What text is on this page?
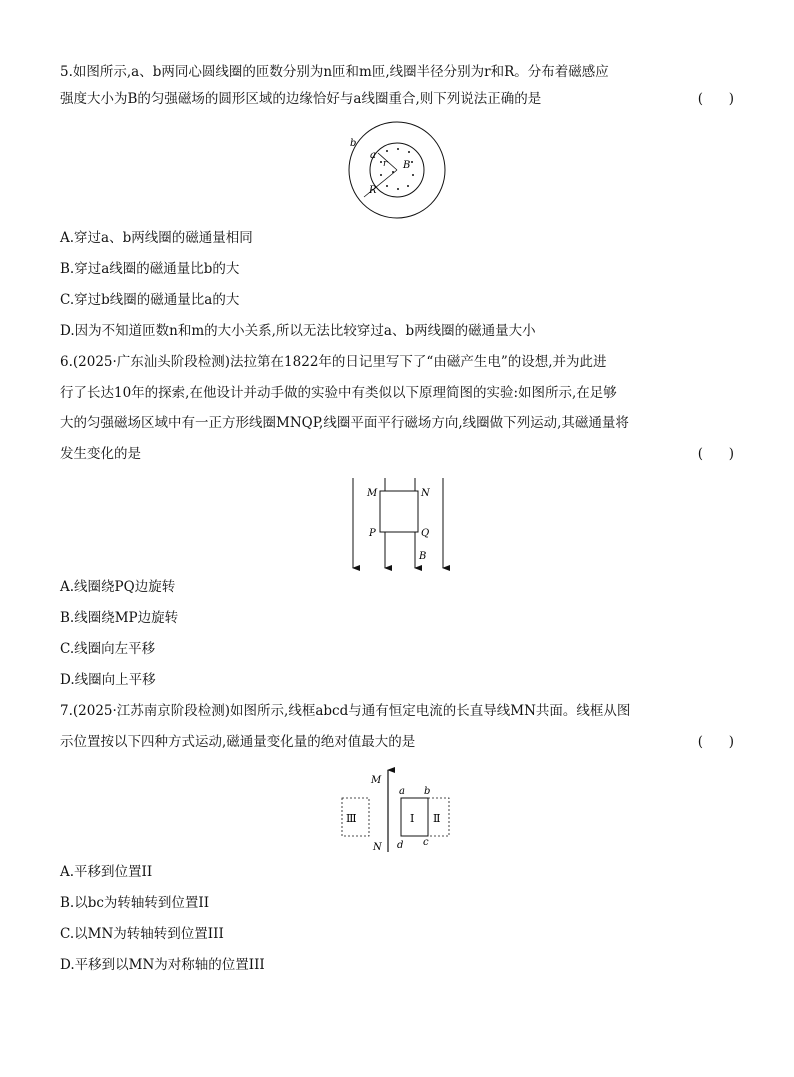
5.如图所示,a、b两同心圆线圈的匝数分别为n匝和m匝,线圈半径分别为r和R。分布着磁感应
强度大小为B的匀强磁场的圆形区域的边缘恰好与a线圈重合,则下列说法正确的是	(      )
b
a
r B
R
A.穿过a、b两线圈的磁通量相同
B.穿过a线圈的磁通量比b的大
C.穿过b线圈的磁通量比a的大
D.因为不知道匝数n和m的大小关系,所以无法比较穿过a、b两线圈的磁通量大小
6.(2025·广东汕头阶段检测)法拉第在1822年的日记里写下了“由磁产生电”的设想,并为此进
行了长达10年的探索,在他设计并动手做的实验中有类似以下原理简图的实验:如图所示,在足够
大的匀强磁场区域中有一正方形线圈MNQP,线圈平面平行磁场方向,线圈做下列运动,其磁通量将
发生变化的是	(      )
M	N
P	Q
B
A.线圈绕PQ边旋转
B.线圈绕MP边旋转
C.线圈向左平移
D.线圈向上平移
7.(2025·江苏南京阶段检测)如图所示,线框abcd与通有恒定电流的长直导线MN共面。线框从图
示位置按以下四种方式运动,磁通量变化量的绝对值最大的是	(      )
M
N
a b
c
d
Ⅲ	Ⅰ Ⅱ
A.平移到位置II
B.以bc为转轴转到位置II
C.以MN为转轴转到位置III
D.平移到以MN为对称轴的位置III
